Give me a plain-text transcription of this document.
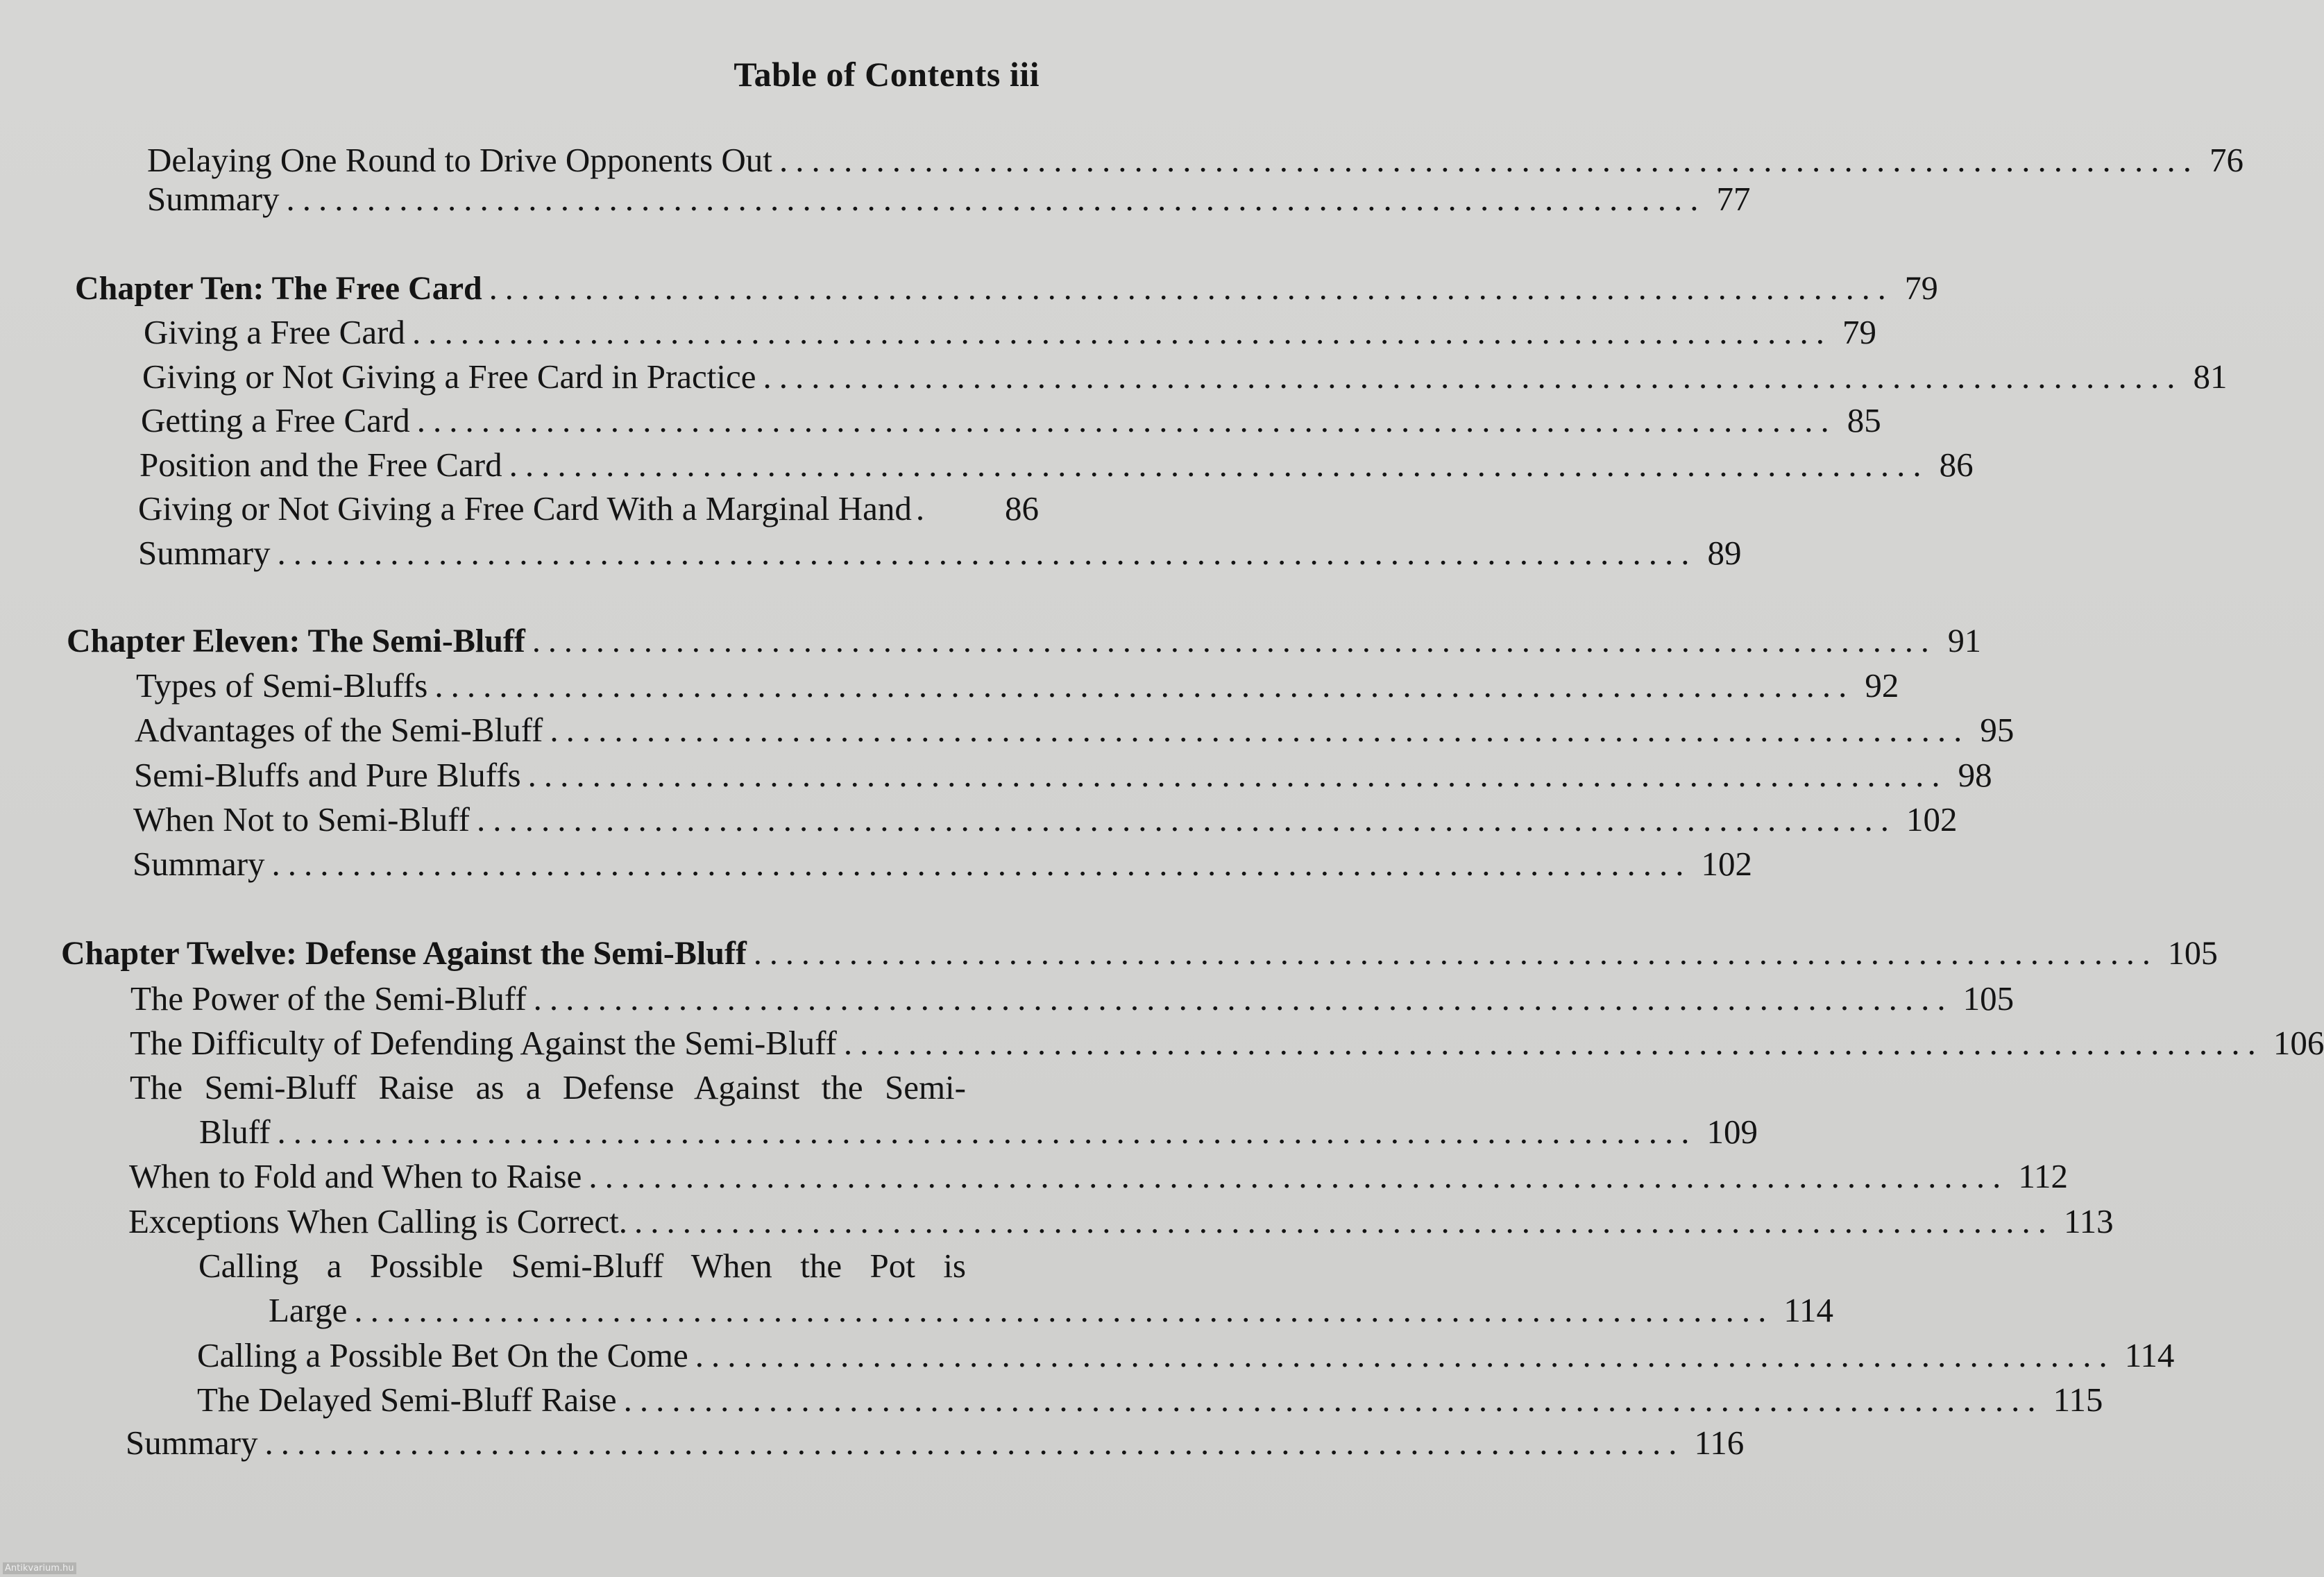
Table of Contents iii
Delaying One Round to Drive Opponents Out ........................................................................................ 76
Summary ........................................................................................ 77
Chapter Ten: The Free Card ........................................................................................ 79
Giving a Free Card ........................................................................................ 79
Giving or Not Giving a Free Card in Practice ........................................................................................ 81
Getting a Free Card ........................................................................................ 85
Position and the Free Card ........................................................................................ 86
Giving or Not Giving a Free Card With a Marginal Hand .	86
Summary ........................................................................................ 89
Chapter Eleven: The Semi-Bluff ........................................................................................ 91
Types of Semi-Bluffs ........................................................................................ 92
Advantages of the Semi-Bluff ........................................................................................ 95
Semi-Bluffs and Pure Bluffs ........................................................................................ 98
When Not to Semi-Bluff ........................................................................................ 102
Summary ........................................................................................ 102
Chapter Twelve: Defense Against the Semi-Bluff ........................................................................................ 105
The Power of the Semi-Bluff ........................................................................................ 105
The Difficulty of Defending Against the Semi-Bluff ........................................................................................ 106
The Semi-Bluff Raise as a Defense Against the Semi-
Bluff ........................................................................................ 109
When to Fold and When to Raise ........................................................................................ 112
Exceptions When Calling is Correct. ........................................................................................ 113
Calling a Possible Semi-Bluff When the Pot is
Large ........................................................................................ 114
Calling a Possible Bet On the Come ........................................................................................ 114
The Delayed Semi-Bluff Raise ........................................................................................ 115
Summary ........................................................................................ 116
Antikvarium.hu
